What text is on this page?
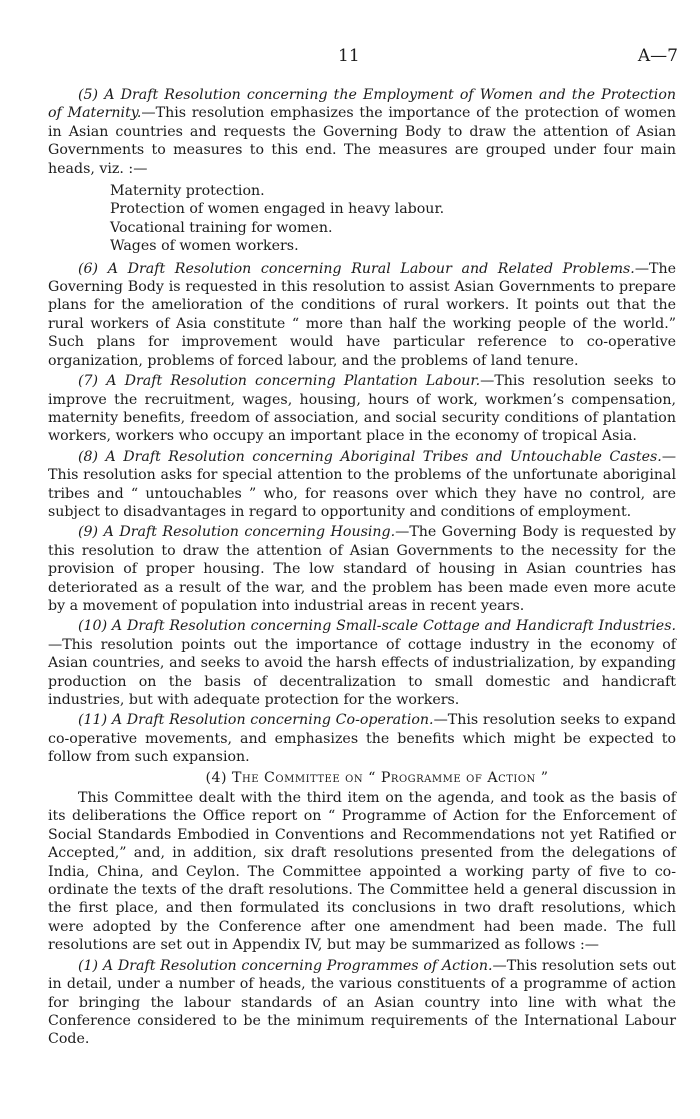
11	A—7

(5) A Draft Resolution concerning the Employment of Women and the Protection of Maternity.—This resolution emphasizes the importance of the protection of women in Asian countries and requests the Governing Body to draw the attention of Asian Governments to measures to this end. The measures are grouped under four main heads, viz. :—

Maternity protection.
Protection of women engaged in heavy labour.
Vocational training for women.
Wages of women workers.

(6) A Draft Resolution concerning Rural Labour and Related Problems.—The Governing Body is requested in this resolution to assist Asian Governments to prepare plans for the amelioration of the conditions of rural workers. It points out that the rural workers of Asia constitute “ more than half the working people of the world.” Such plans for improvement would have particular reference to co-operative organization, problems of forced labour, and the problems of land tenure.

(7) A Draft Resolution concerning Plantation Labour.—This resolution seeks to improve the recruitment, wages, housing, hours of work, workmen’s compensation, maternity benefits, freedom of association, and social security conditions of plantation workers, workers who occupy an important place in the economy of tropical Asia.

(8) A Draft Resolution concerning Aboriginal Tribes and Untouchable Castes.—This resolution asks for special attention to the problems of the unfortunate aboriginal tribes and “ untouchables ” who, for reasons over which they have no control, are subject to disadvantages in regard to opportunity and conditions of employment.

(9) A Draft Resolution concerning Housing.—The Governing Body is requested by this resolution to draw the attention of Asian Governments to the necessity for the provision of proper housing. The low standard of housing in Asian countries has deteriorated as a result of the war, and the problem has been made even more acute by a movement of population into industrial areas in recent years.

(10) A Draft Resolution concerning Small-scale Cottage and Handicraft Industries.—This resolution points out the importance of cottage industry in the economy of Asian countries, and seeks to avoid the harsh effects of industrialization, by expanding production on the basis of decentralization to small domestic and handicraft industries, but with adequate protection for the workers.

(11) A Draft Resolution concerning Co-operation.—This resolution seeks to expand co-operative movements, and emphasizes the benefits which might be expected to follow from such expansion.

(4) The Committee on “ Programme of Action ”

This Committee dealt with the third item on the agenda, and took as the basis of its deliberations the Office report on “ Programme of Action for the Enforcement of Social Standards Embodied in Conventions and Recommendations not yet Ratified or Accepted,” and, in addition, six draft resolutions presented from the delegations of India, China, and Ceylon. The Committee appointed a working party of five to co-ordinate the texts of the draft resolutions. The Committee held a general discussion in the first place, and then formulated its conclusions in two draft resolutions, which were adopted by the Conference after one amendment had been made. The full resolutions are set out in Appendix IV, but may be summarized as follows :—

(1) A Draft Resolution concerning Programmes of Action.—This resolution sets out in detail, under a number of heads, the various constituents of a programme of action for bringing the labour standards of an Asian country into line with what the Conference considered to be the minimum requirements of the International Labour Code.
